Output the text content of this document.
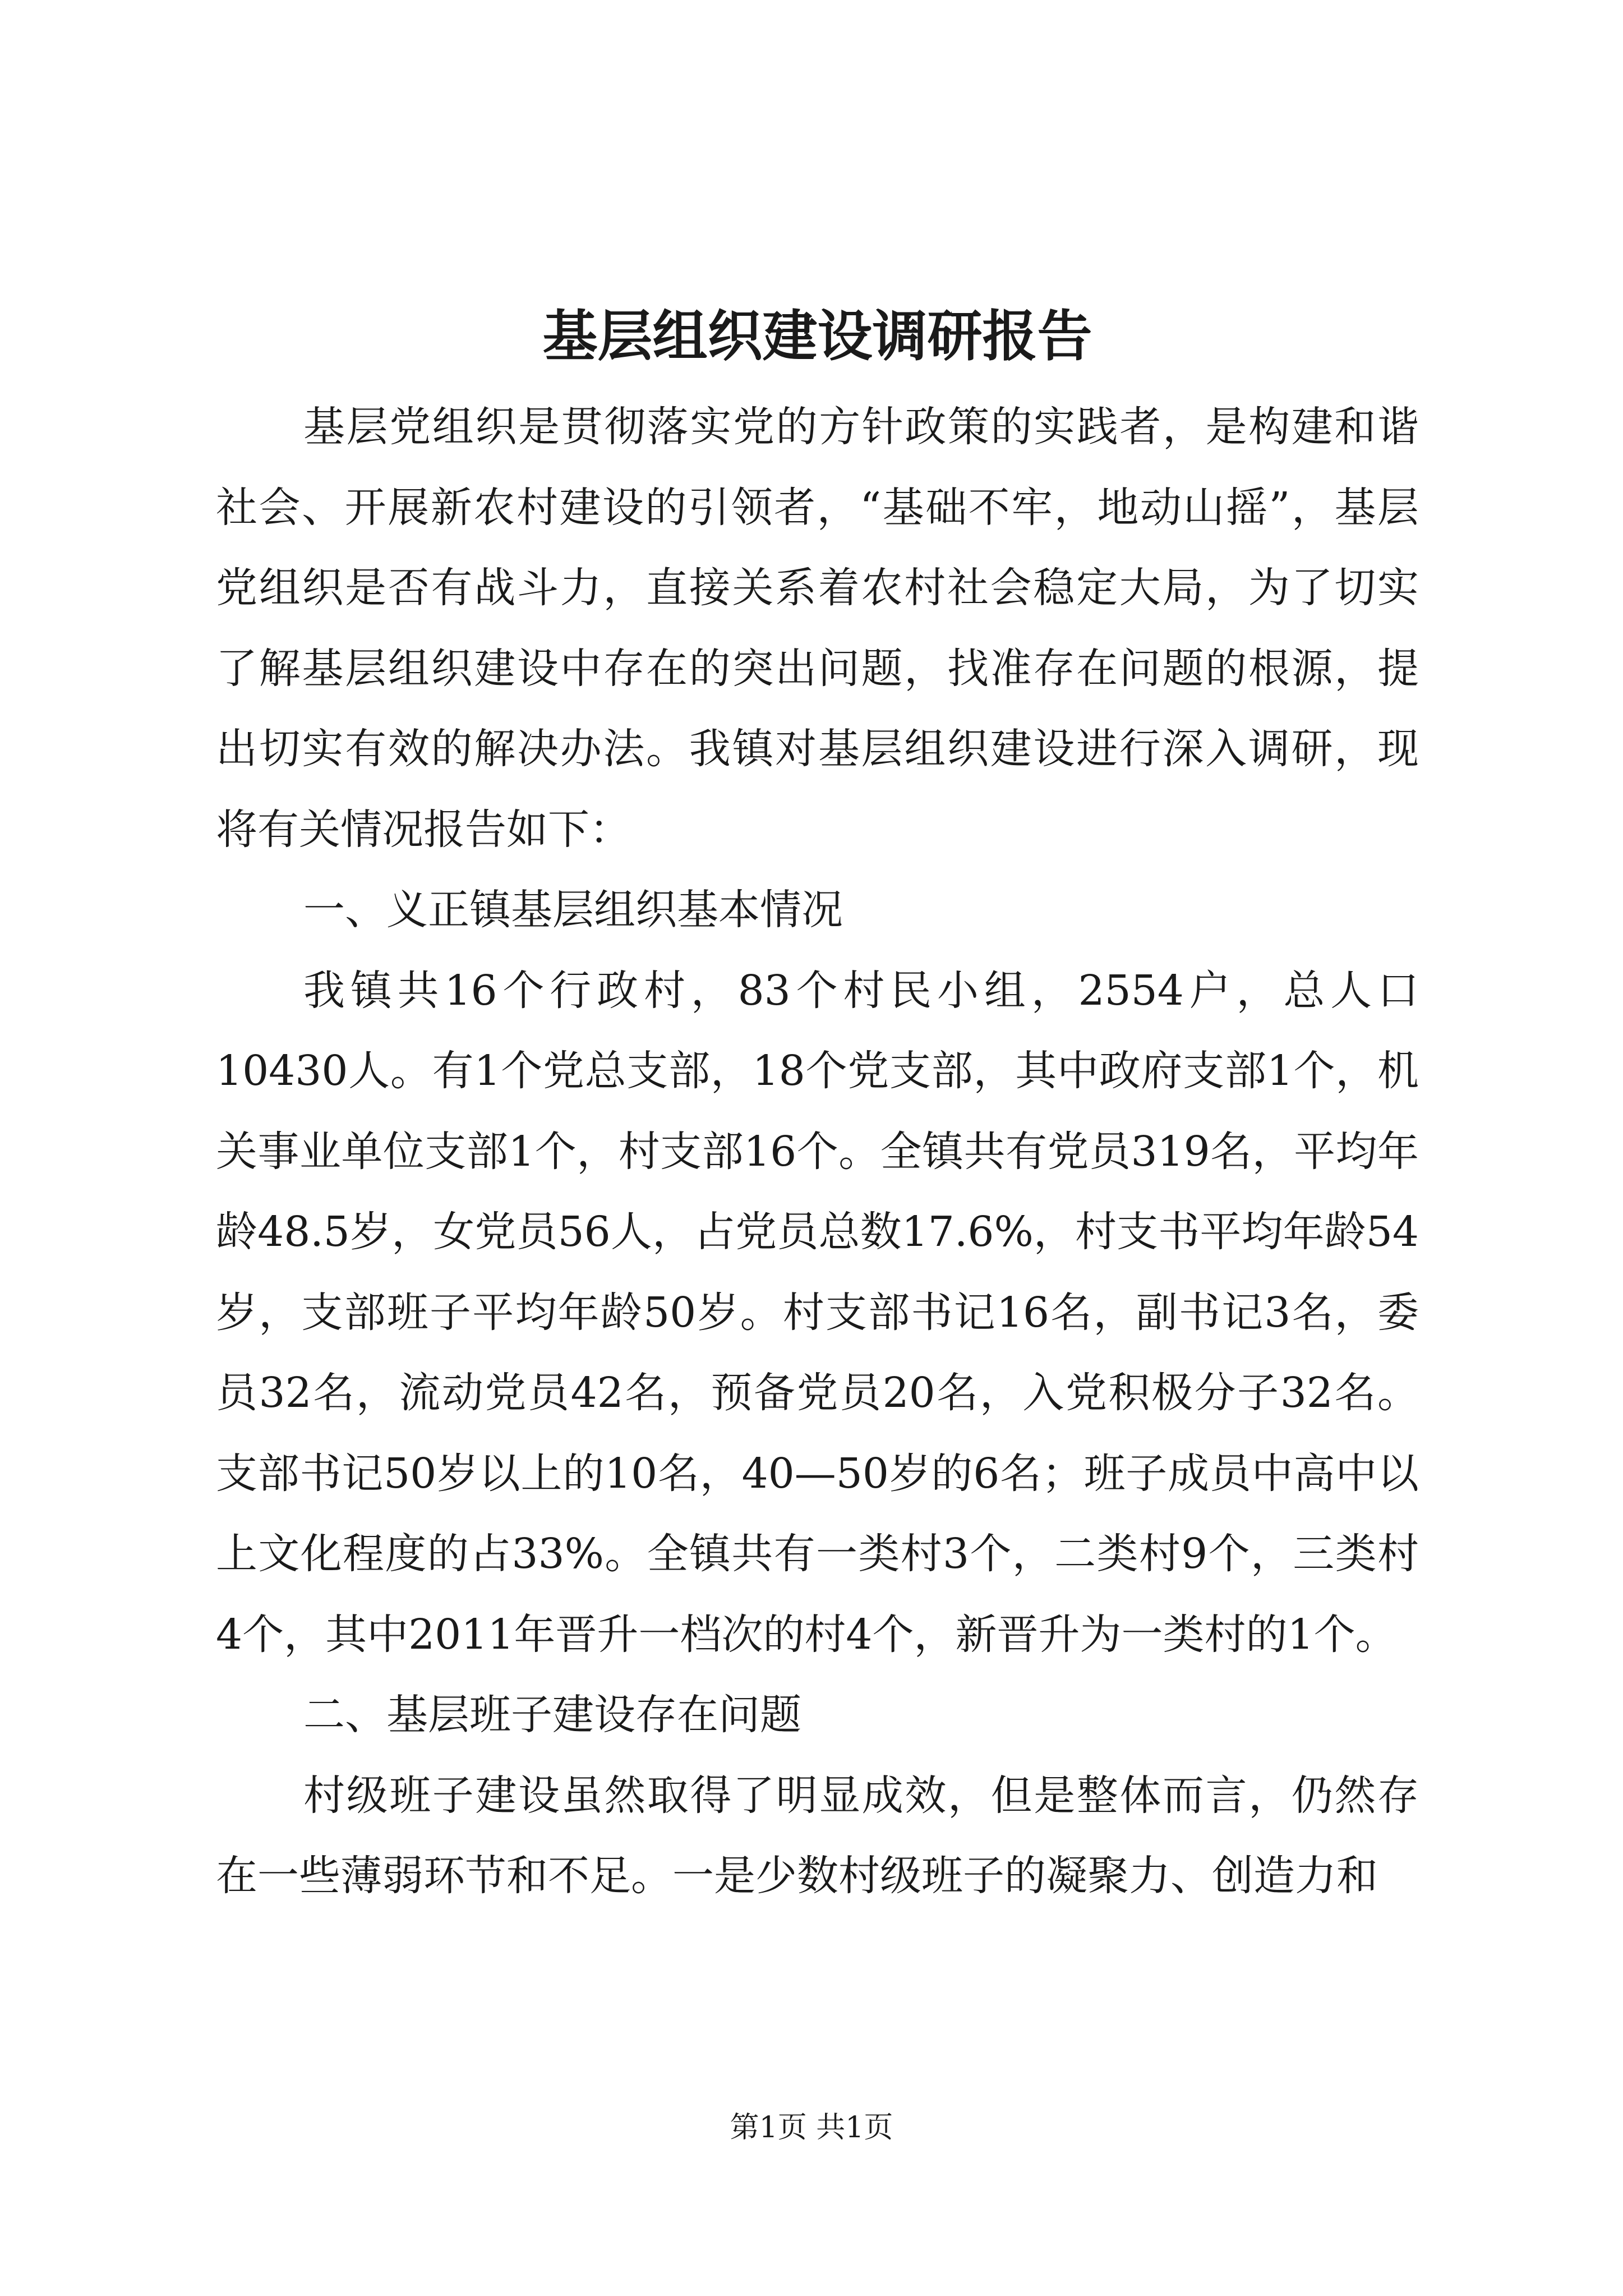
基层组织建设调研报告

基层党组织是贯彻落实党的方针政策的实践者，是构建和谐社会、开展新农村建设的引领者，“基础不牢，地动山摇”，基层党组织是否有战斗力，直接关系着农村社会稳定大局，为了切实了解基层组织建设中存在的突出问题，找准存在问题的根源，提出切实有效的解决办法。我镇对基层组织建设进行深入调研，现将有关情况报告如下：

一、义正镇基层组织基本情况

我镇共16个行政村，83个村民小组，2554户，总人口10430人。有1个党总支部，18个党支部，其中政府支部1个，机关事业单位支部1个，村支部16个。全镇共有党员319名，平均年龄48.5岁，女党员56人，占党员总数17.6%，村支书平均年龄54岁，支部班子平均年龄50岁。村支部书记16名，副书记3名，委员32名，流动党员42名，预备党员20名，入党积极分子32名。支部书记50岁以上的10名，40—50岁的6名；班子成员中高中以上文化程度的占33%。全镇共有一类村3个，二类村9个，三类村4个，其中2011年晋升一档次的村4个，新晋升为一类村的1个。

二、基层班子建设存在问题

村级班子建设虽然取得了明显成效，但是整体而言，仍然存在一些薄弱环节和不足。一是少数村级班子的凝聚力、创造力和

第1页 共1页
